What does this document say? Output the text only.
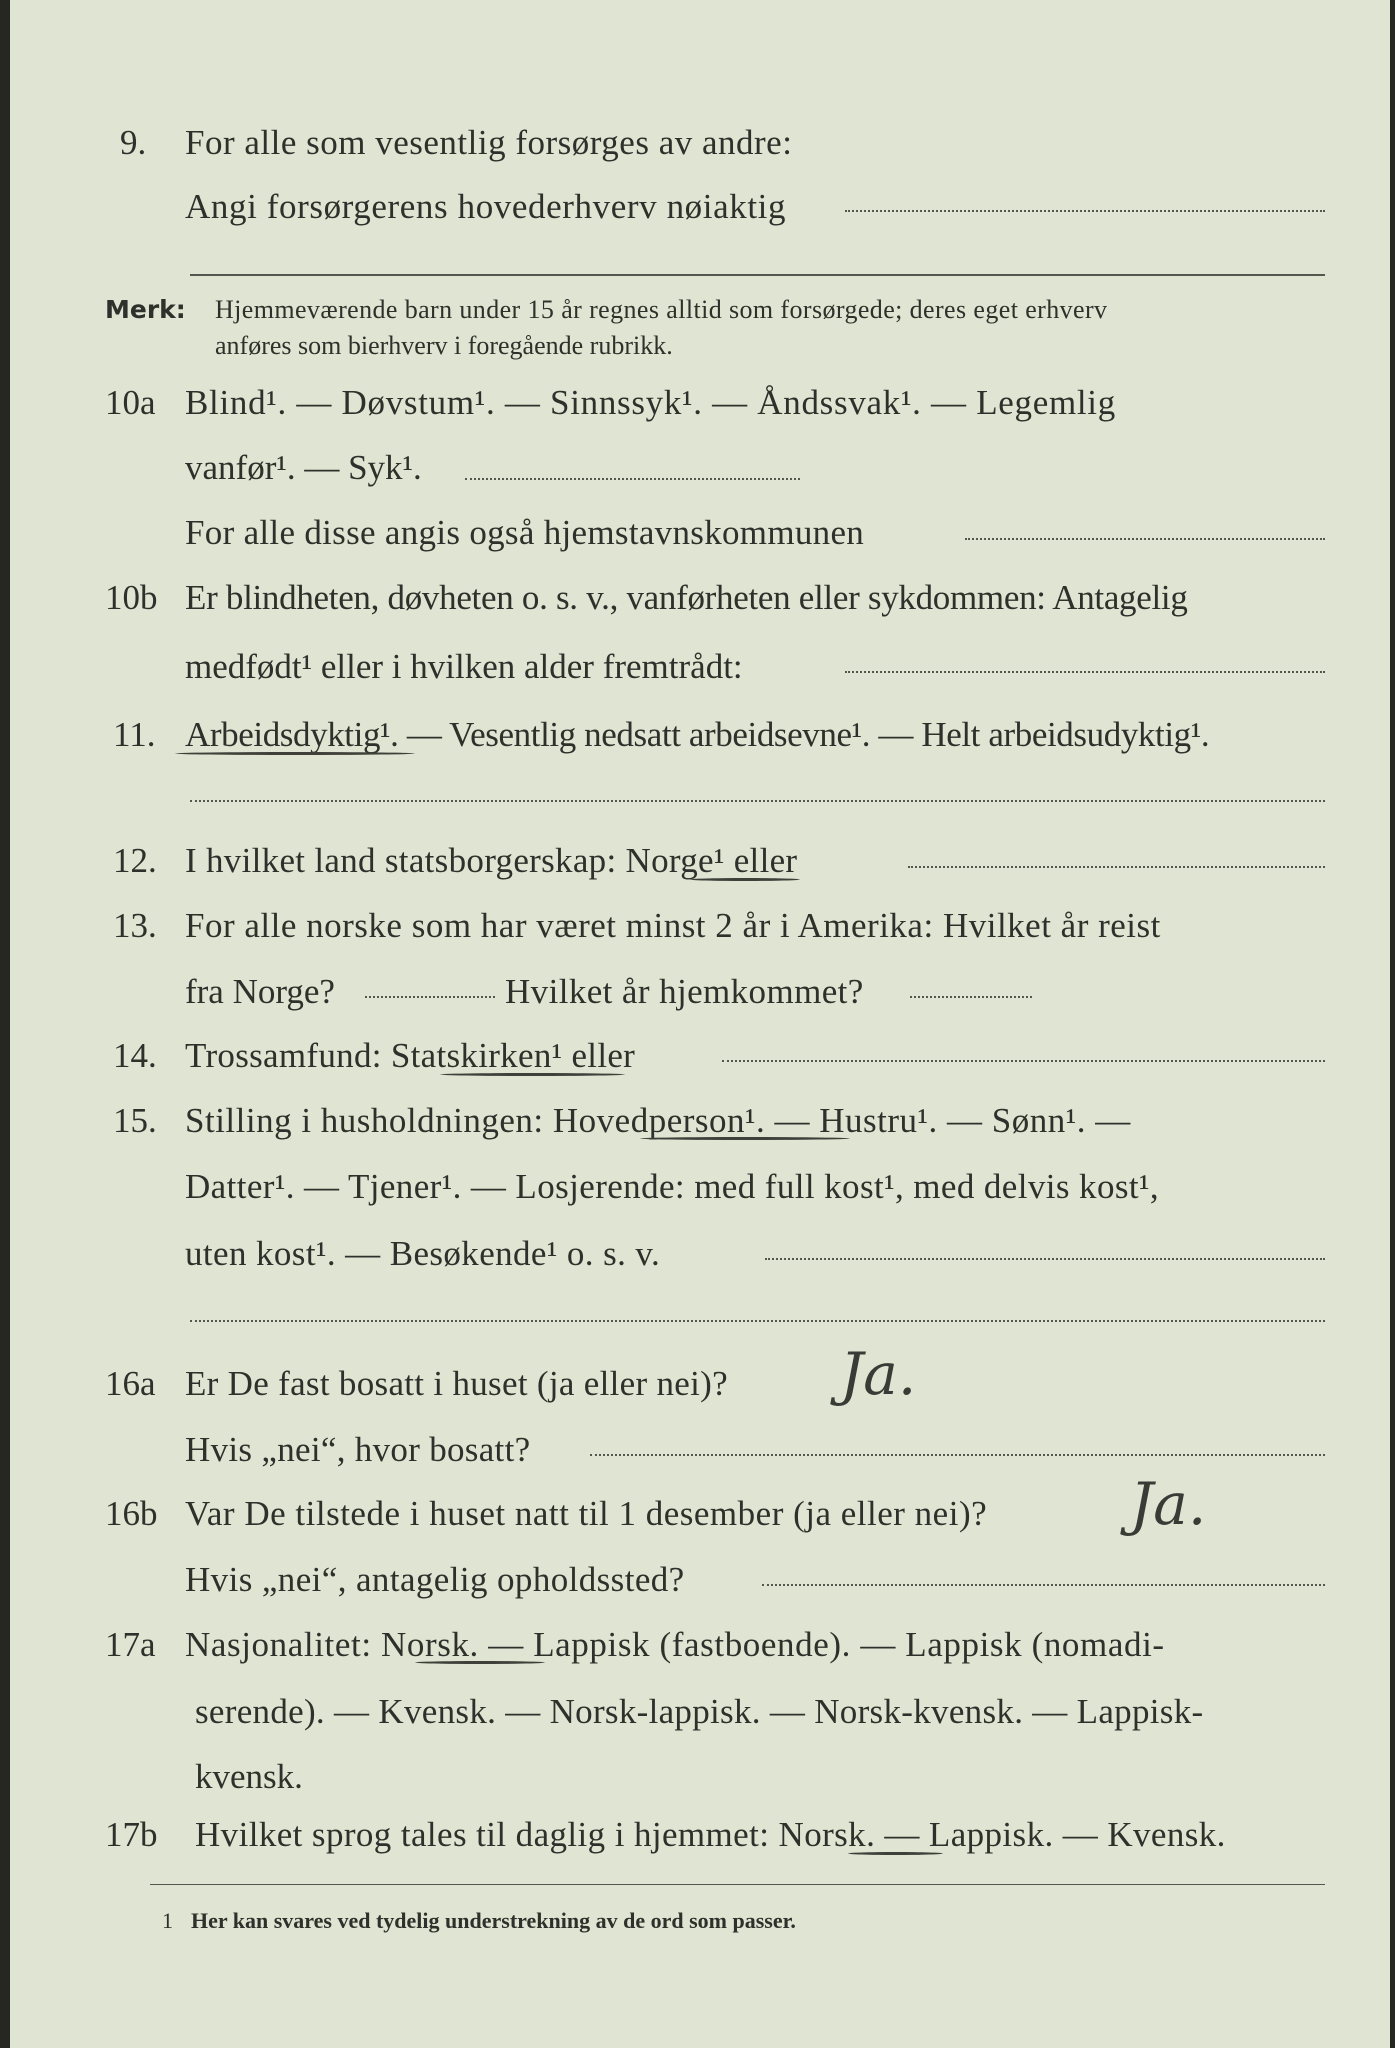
9. For alle som vesentlig forsørges av andre:
Angi forsørgerens hovederhverv nøiaktig
Merk: Hjemmeværende barn under 15 år regnes alltid som forsørgede; deres eget erhverv
anføres som bierhverv i foregående rubrikk.
10a Blind¹. — Døvstum¹. — Sinnssyk¹. — Åndssvak¹. — Legemlig
vanfør¹. — Syk¹.
For alle disse angis også hjemstavnskommunen
10b Er blindheten, døvheten o. s. v., vanførheten eller sykdommen: Antagelig
medfødt¹ eller i hvilken alder fremtrådt:
11. Arbeidsdyktig¹. — Vesentlig nedsatt arbeidsevne¹. — Helt arbeidsudyktig¹.
12. I hvilket land statsborgerskap: Norge¹ eller
13. For alle norske som har været minst 2 år i Amerika: Hvilket år reist
fra Norge?	Hvilket år hjemkommet?
14. Trossamfund: Statskirken¹ eller
15. Stilling i husholdningen: Hovedperson¹. — Hustru¹. — Sønn¹. —
Datter¹. — Tjener¹. — Losjerende: med full kost¹, med delvis kost¹,
uten kost¹. — Besøkende¹ o. s. v.
16a Er De fast bosatt i huset (ja eller nei)? Ja.
Hvis „nei“, hvor bosatt?
16b Var De tilstede i huset natt til 1 desember (ja eller nei)? Ja.
Hvis „nei“, antagelig opholdssted?
17a Nasjonalitet: Norsk. — Lappisk (fastboende). — Lappisk (nomadi-
serende). — Kvensk. — Norsk-lappisk. — Norsk-kvensk. — Lappisk-
kvensk.
17b Hvilket sprog tales til daglig i hjemmet: Norsk. — Lappisk. — Kvensk.
1 Her kan svares ved tydelig understrekning av de ord som passer.
